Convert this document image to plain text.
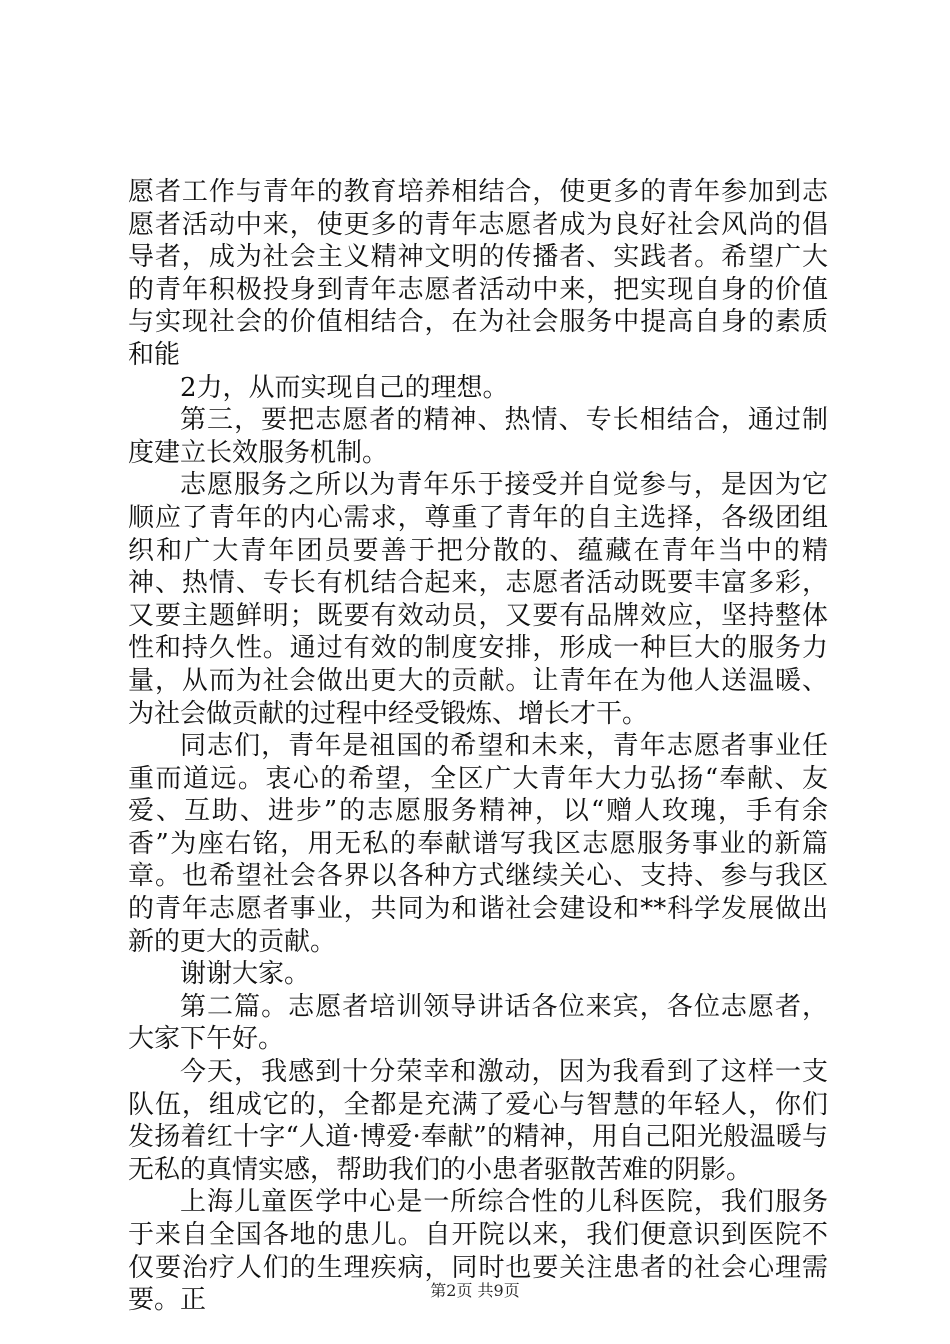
愿者工作与青年的教育培养相结合，使更多的青年参加到志愿者活动中来，使更多的青年志愿者成为良好社会风尚的倡导者，成为社会主义精神文明的传播者、实践者。希望广大的青年积极投身到青年志愿者活动中来，把实现自身的价值与实现社会的价值相结合，在为社会服务中提高自身的素质和能

2力，从而实现自己的理想。

第三，要把志愿者的精神、热情、专长相结合，通过制度建立长效服务机制。

志愿服务之所以为青年乐于接受并自觉参与，是因为它顺应了青年的内心需求，尊重了青年的自主选择，各级团组织和广大青年团员要善于把分散的、蕴藏在青年当中的精神、热情、专长有机结合起来，志愿者活动既要丰富多彩，又要主题鲜明；既要有效动员，又要有品牌效应，坚持整体性和持久性。通过有效的制度安排，形成一种巨大的服务力量，从而为社会做出更大的贡献。让青年在为他人送温暖、为社会做贡献的过程中经受锻炼、增长才干。

同志们，青年是祖国的希望和未来，青年志愿者事业任重而道远。衷心的希望，全区广大青年大力弘扬“奉献、友爱、互助、进步”的志愿服务精神，以“赠人玫瑰，手有余香”为座右铭，用无私的奉献谱写我区志愿服务事业的新篇章。也希望社会各界以各种方式继续关心、支持、参与我区的青年志愿者事业，共同为和谐社会建设和**科学发展做出新的更大的贡献。

谢谢大家。

第二篇。志愿者培训领导讲话各位来宾，各位志愿者，大家下午好。

今天，我感到十分荣幸和激动，因为我看到了这样一支队伍，组成它的，全都是充满了爱心与智慧的年轻人，你们发扬着红十字“人道·博爱·奉献”的精神，用自己阳光般温暖与无私的真情实感，帮助我们的小患者驱散苦难的阴影。

上海儿童医学中心是一所综合性的儿科医院，我们服务于来自全国各地的患儿。自开院以来，我们便意识到医院不仅要治疗人们的生理疾病，同时也要关注患者的社会心理需要。正	第2页 共9页
